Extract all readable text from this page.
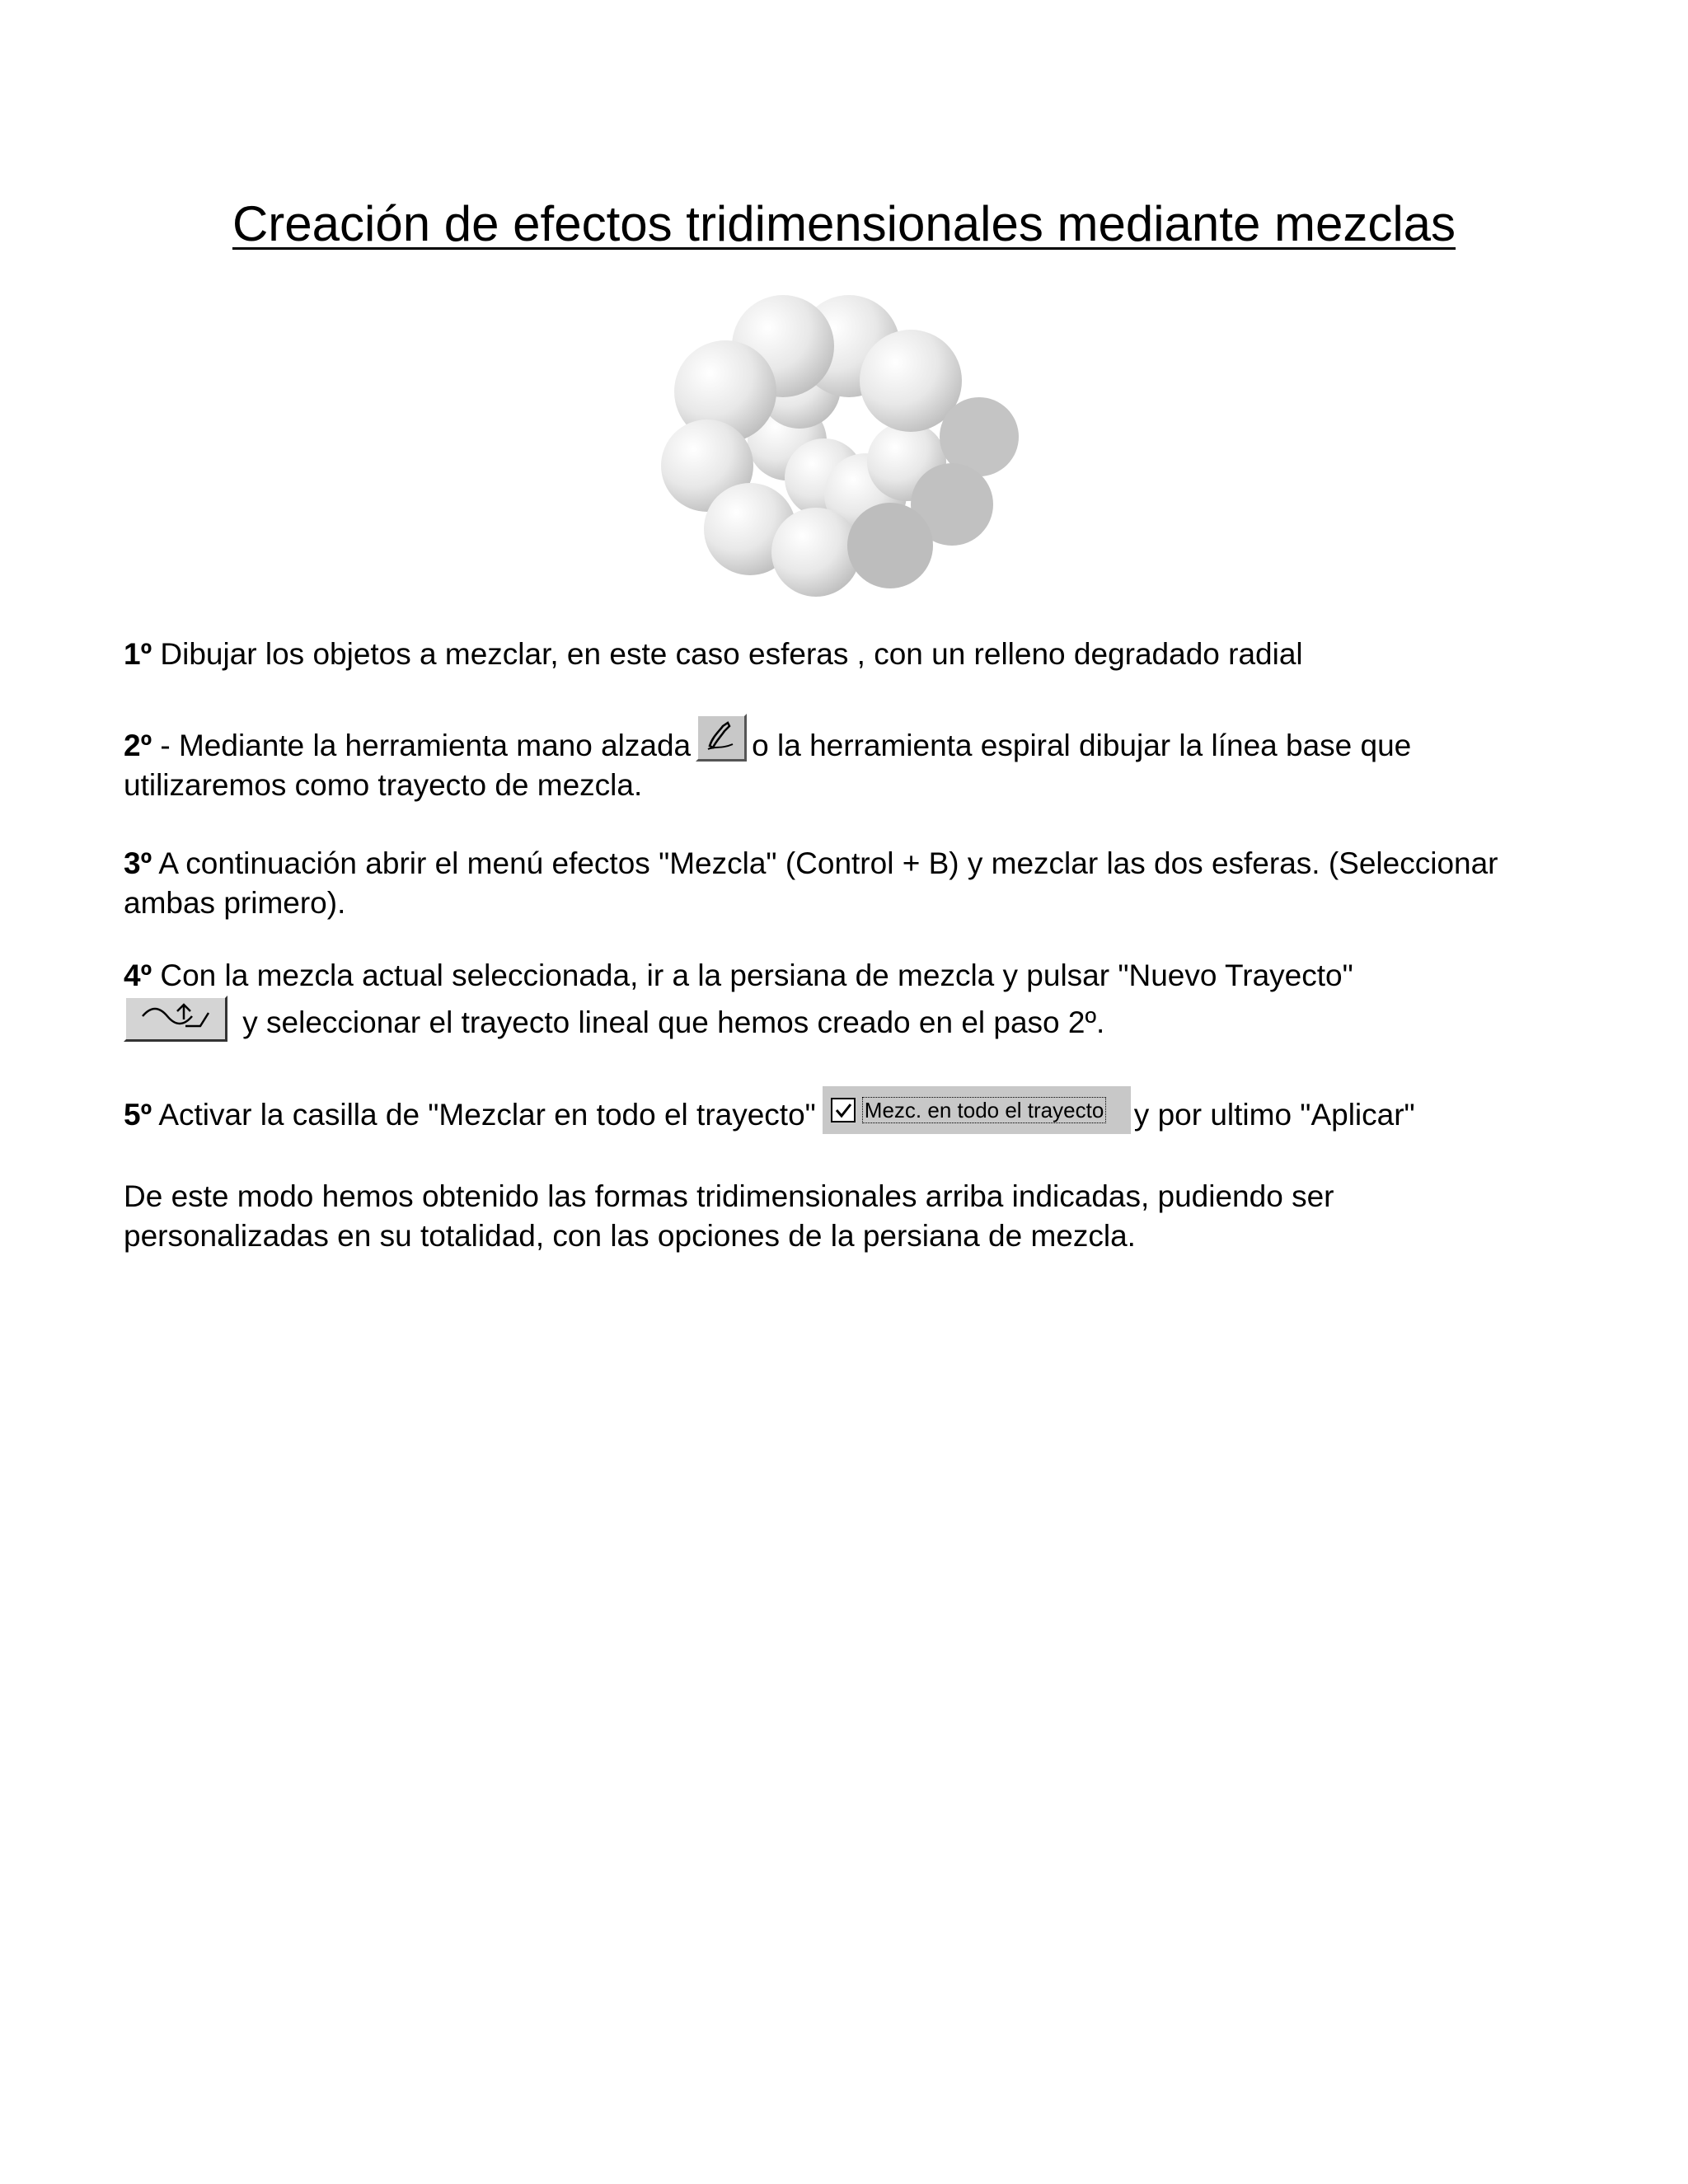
Creación de efectos tridimensionales mediante mezclas

1º Dibujar los objetos a mezclar, en este caso esferas , con un relleno degradado radial

2º - Mediante la herramienta mano alzada o la herramienta espiral dibujar la línea base que utilizaremos como trayecto de mezcla.

3º A continuación abrir el menú efectos "Mezcla" (Control + B) y mezclar las dos esferas. (Seleccionar ambas primero).

4º Con la mezcla actual seleccionada, ir a la persiana de mezcla y pulsar "Nuevo Trayecto"
y seleccionar el trayecto lineal que hemos creado en el paso 2º.

5º Activar la casilla de "Mezclar en todo el trayecto" Mezc. en todo el trayecto y por ultimo "Aplicar"

De este modo hemos obtenido las formas tridimensionales arriba indicadas, pudiendo ser personalizadas en su totalidad, con las opciones de la persiana de mezcla.
